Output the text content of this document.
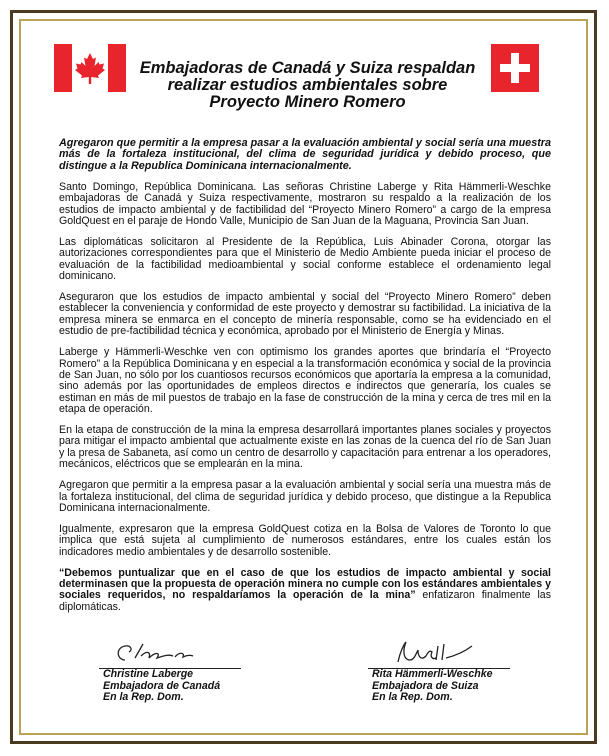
Embajadoras de Canadá y Suiza respaldan
realizar estudios ambientales sobre
Proyecto Minero Romero

Agregaron que permitir a la empresa pasar a la evaluación ambiental y social sería una muestra más de la fortaleza institucional, del clima de seguridad jurídica y debido proceso, que distingue a la Republica Dominicana internacionalmente.

Santo Domingo, República Dominicana. Las señoras Christine Laberge y Rita Hämmerli-Weschke embajadoras de Canadá y Suiza respectivamente, mostraron su respaldo a la realización de los estudios de impacto ambiental y de factibilidad del “Proyecto Minero Romero” a cargo de la empresa GoldQuest en el paraje de Hondo Valle, Municipio de San Juan de la Maguana, Provincia San Juan.

Las diplomáticas solicitaron al Presidente de la República, Luis Abinader Corona, otorgar las autorizaciones correspondientes para que el Ministerio de Medio Ambiente pueda iniciar el proceso de evaluación de la factibilidad medioambiental y social conforme establece el ordenamiento legal dominicano.

Aseguraron que los estudios de impacto ambiental y social del “Proyecto Minero Romero” deben establecer la conveniencia y conformidad de este proyecto y demostrar su factibilidad. La iniciativa de la empresa minera se enmarca en el concepto de minería responsable, como se ha evidenciado en el estudio de pre-factibilidad técnica y económica, aprobado por el Ministerio de Energía y Minas.

Laberge y Hämmerli-Weschke ven con optimismo los grandes aportes que brindaría el “Proyecto Romero” a la República Dominicana y en especial a la transformación económica y social de la provincia de San Juan, no sólo por los cuantiosos recursos económicos que aportaría la empresa a la comunidad, sino además por las oportunidades de empleos directos e indirectos que generaría, los cuales se estiman en más de mil puestos de trabajo en la fase de construcción de la mina y cerca de tres mil en la etapa de operación.

En la etapa de construcción de la mina la empresa desarrollará importantes planes sociales y proyectos para mitigar el impacto ambiental que actualmente existe en las zonas de la cuenca del río de San Juan y la presa de Sabaneta, así como un centro de desarrollo y capacitación para entrenar a los operadores, mecánicos, eléctricos que se emplearán en la mina.

Agregaron que permitir a la empresa pasar a la evaluación ambiental y social sería una muestra más de la fortaleza institucional, del clima de seguridad jurídica y debido proceso, que distingue a la Republica Dominicana internacionalmente.

Igualmente, expresaron que la empresa GoldQuest cotiza en la Bolsa de Valores de Toronto lo que implica que está sujeta al cumplimiento de numerosos estándares, entre los cuales están los indicadores medio ambientales y de desarrollo sostenible.

“Debemos puntualizar que en el caso de que los estudios de impacto ambiental y social determinasen que la propuesta de operación minera no cumple con los estándares ambientales y sociales requeridos, no respaldaríamos la operación de la mina” enfatizaron finalmente las diplomáticas.

Christine Laberge
Embajadora de Canadá
En la Rep. Dom.
Rita Hämmerli-Weschke
Embajadora de Suiza
En la Rep. Dom.
